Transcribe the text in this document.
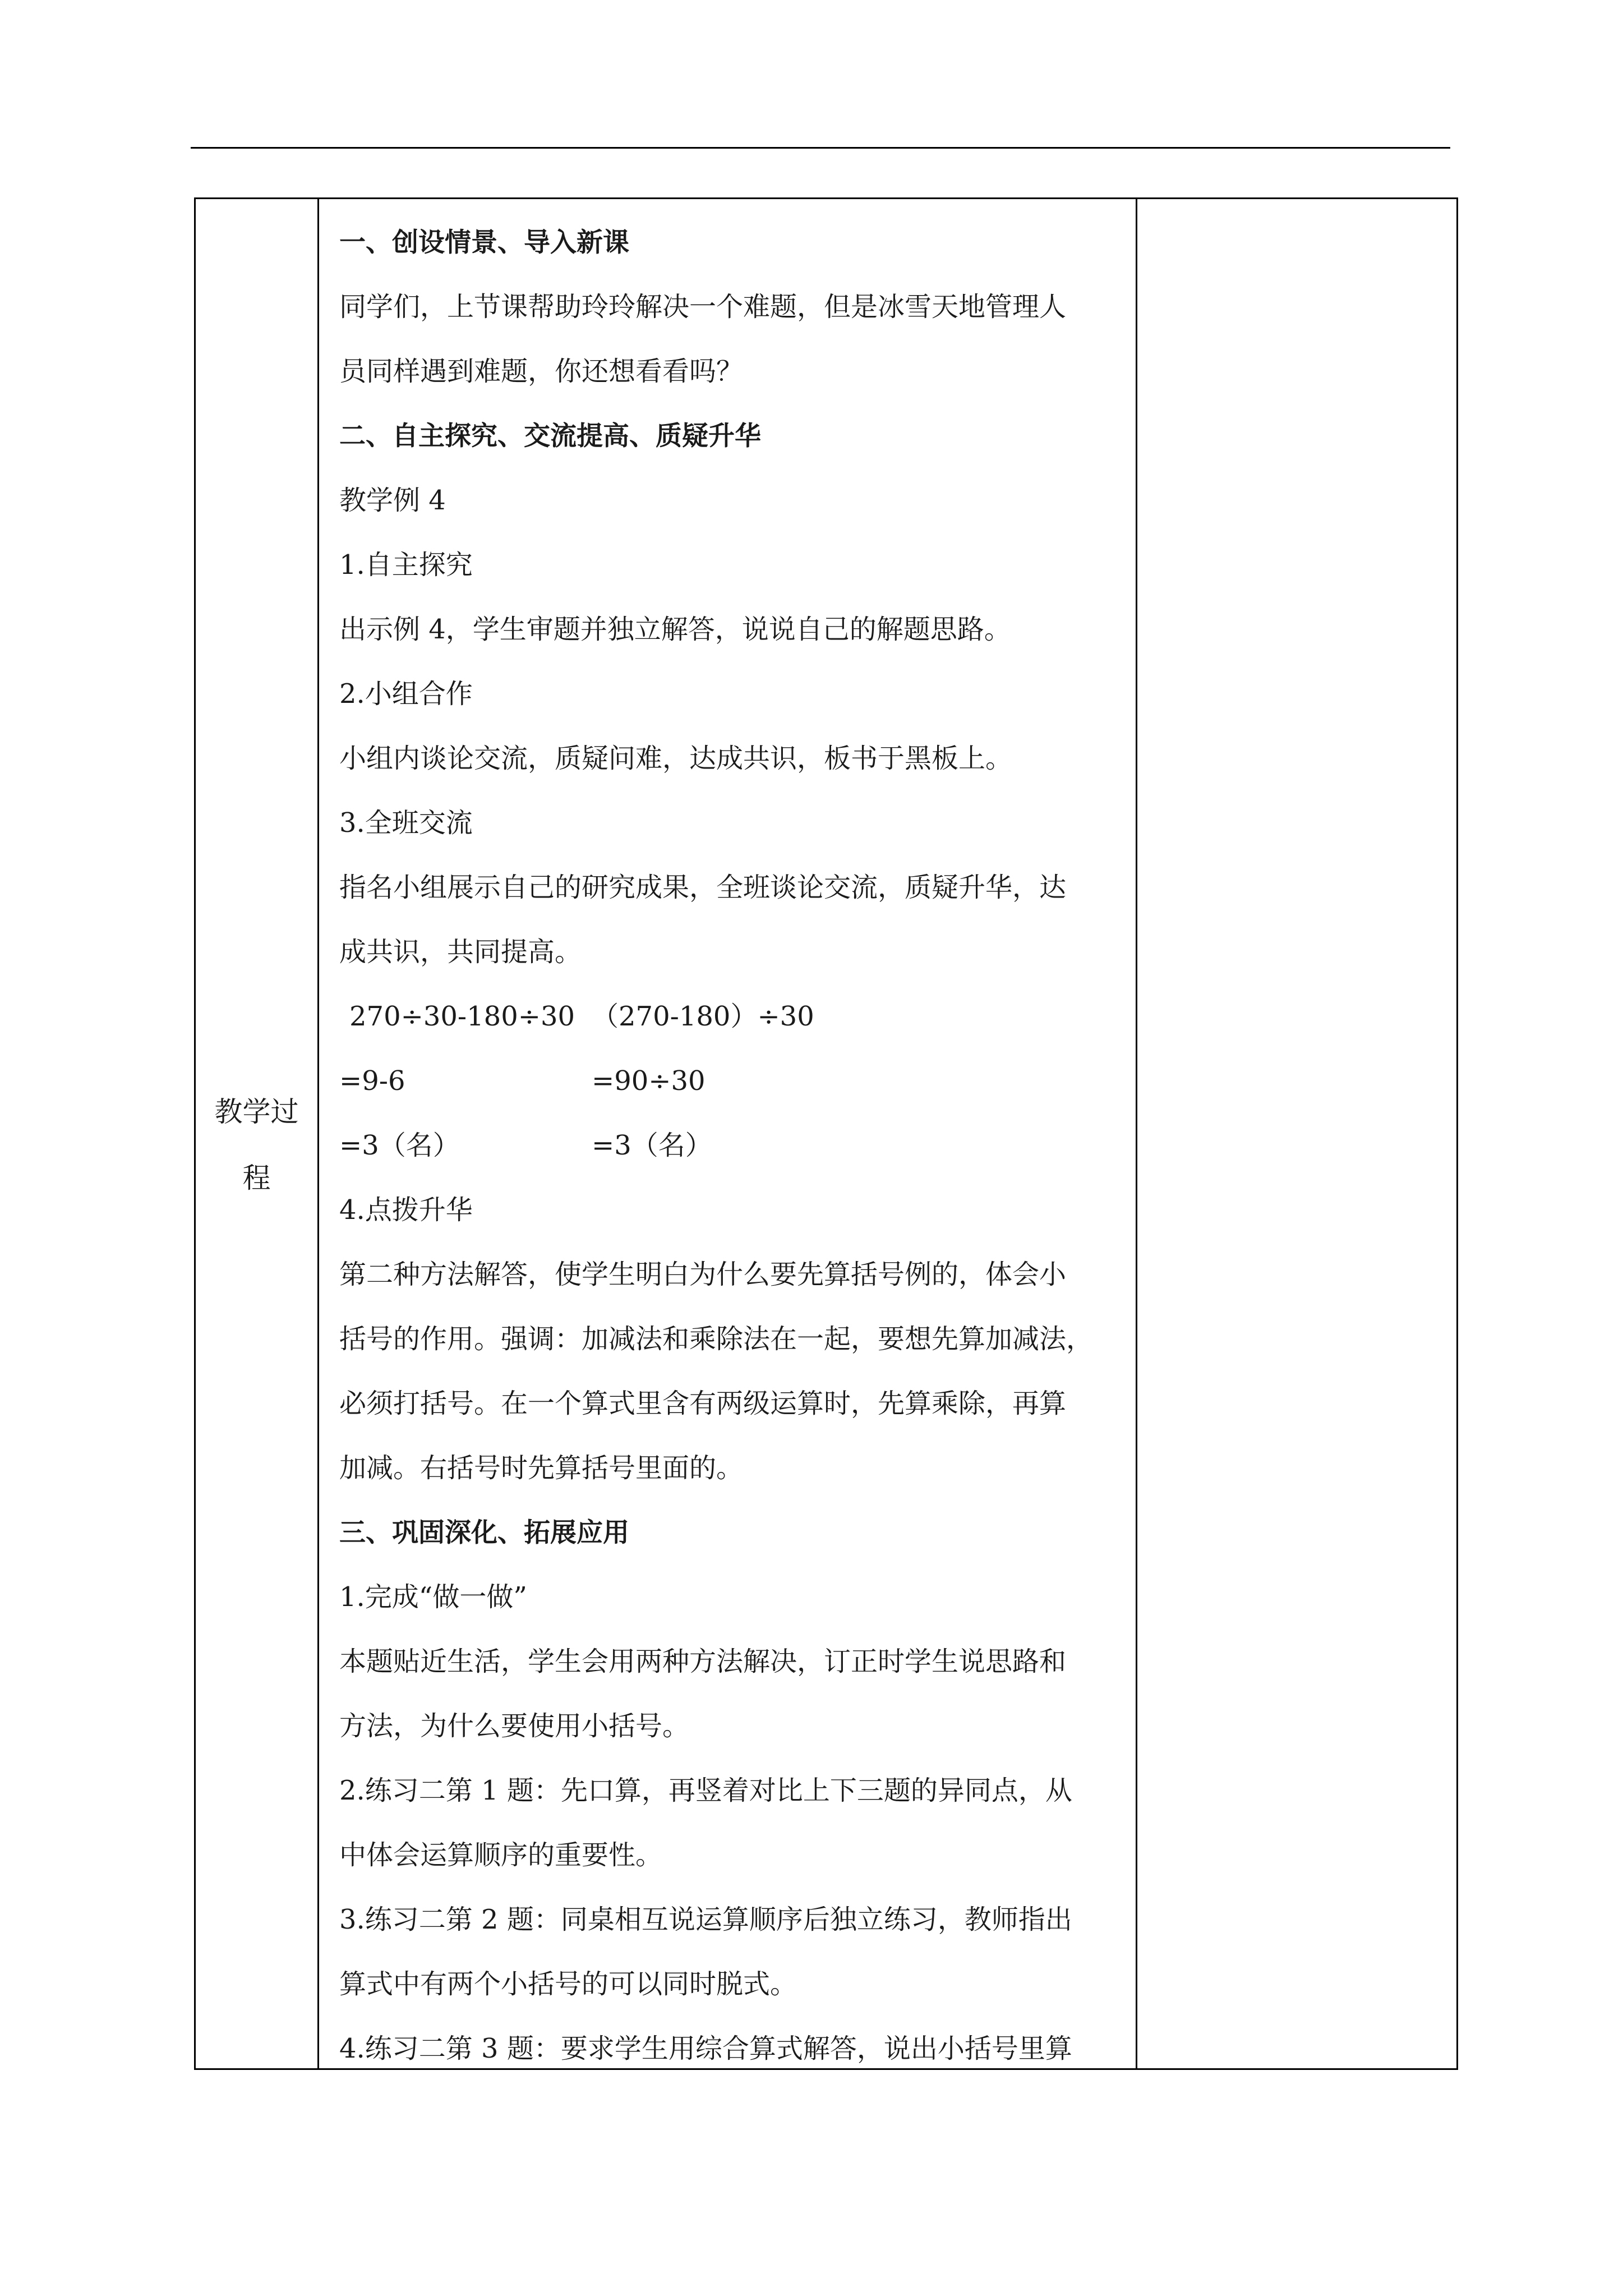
教学过
程
一、创设情景、导入新课
同学们，上节课帮助玲玲解决一个难题，但是冰雪天地管理人
员同样遇到难题，你还想看看吗？
二、自主探究、交流提高、质疑升华
教学例 4
1.自主探究
出示例 4，学生审题并独立解答，说说自己的解题思路。
2.小组合作
小组内谈论交流，质疑问难，达成共识，板书于黑板上。
3.全班交流
指名小组展示自己的研究成果，全班谈论交流，质疑升华，达
成共识，共同提高。
270÷30-180÷30 （270-180）÷30
=9-6	=90÷30
=3（名）	=3（名）
4.点拨升华
第二种方法解答，使学生明白为什么要先算括号例的，体会小
括号的作用。强调：加减法和乘除法在一起，要想先算加减法，
必须打括号。在一个算式里含有两级运算时，先算乘除，再算
加减。右括号时先算括号里面的。
三、巩固深化、拓展应用
1.完成“做一做”
本题贴近生活，学生会用两种方法解决，订正时学生说思路和
方法，为什么要使用小括号。
2.练习二第 1 题：先口算，再竖着对比上下三题的异同点，从
中体会运算顺序的重要性。
3.练习二第 2 题：同桌相互说运算顺序后独立练习，教师指出
算式中有两个小括号的可以同时脱式。
4.练习二第 3 题：要求学生用综合算式解答，说出小括号里算
